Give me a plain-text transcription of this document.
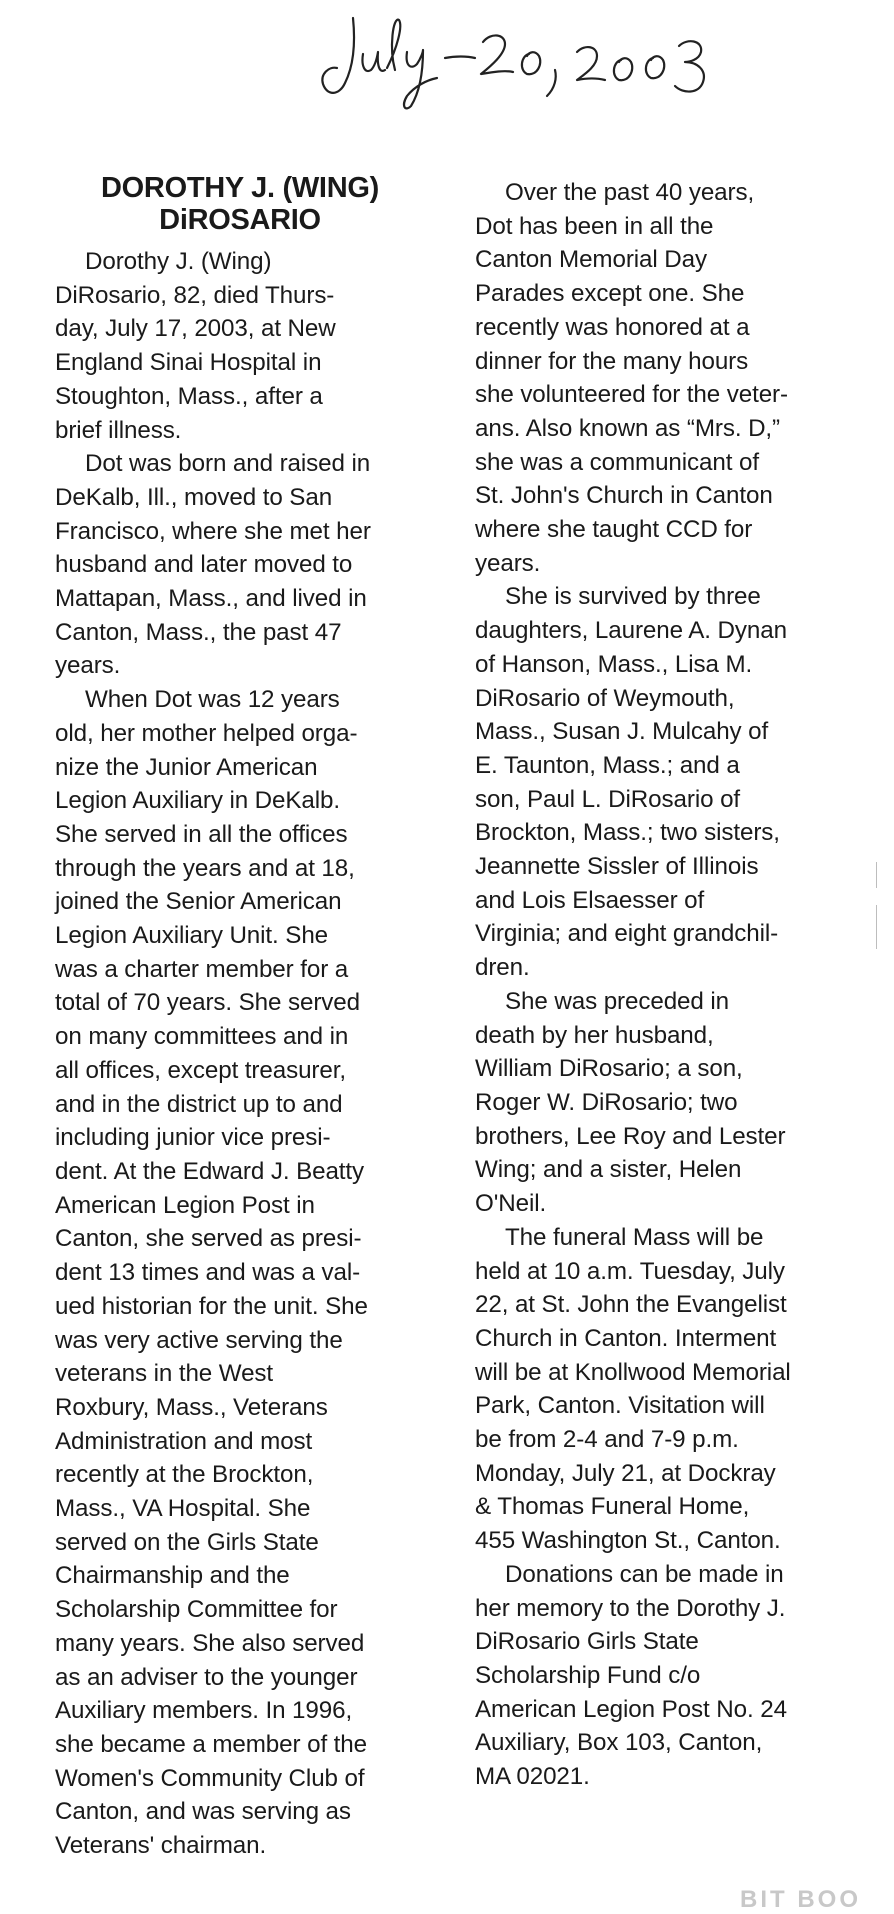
DOROTHY J. (WING)
DiROSARIO

Dorothy J. (Wing)
DiRosario, 82, died Thurs-
day, July 17, 2003, at New
England Sinai Hospital in
Stoughton, Mass., after a
brief illness.

Dot was born and raised in
DeKalb, Ill., moved to San
Francisco, where she met her
husband and later moved to
Mattapan, Mass., and lived in
Canton, Mass., the past 47
years.

When Dot was 12 years
old, her mother helped orga-
nize the Junior American
Legion Auxiliary in DeKalb.
She served in all the offices
through the years and at 18,
joined the Senior American
Legion Auxiliary Unit. She
was a charter member for a
total of 70 years. She served
on many committees and in
all offices, except treasurer,
and in the district up to and
including junior vice presi-
dent. At the Edward J. Beatty
American Legion Post in
Canton, she served as presi-
dent 13 times and was a val-
ued historian for the unit. She
was very active serving the
veterans in the West
Roxbury, Mass., Veterans
Administration and most
recently at the Brockton,
Mass., VA Hospital. She
served on the Girls State
Chairmanship and the
Scholarship Committee for
many years. She also served
as an adviser to the younger
Auxiliary members. In 1996,
she became a member of the
Women's Community Club of
Canton, and was serving as
Veterans' chairman.

Over the past 40 years,
Dot has been in all the
Canton Memorial Day
Parades except one. She
recently was honored at a
dinner for the many hours
she volunteered for the veter-
ans. Also known as “Mrs. D,”
she was a communicant of
St. John's Church in Canton
where she taught CCD for
years.

She is survived by three
daughters, Laurene A. Dynan
of Hanson, Mass., Lisa M.
DiRosario of Weymouth,
Mass., Susan J. Mulcahy of
E. Taunton, Mass.; and a
son, Paul L. DiRosario of
Brockton, Mass.; two sisters,
Jeannette Sissler of Illinois
and Lois Elsaesser of
Virginia; and eight grandchil-
dren.

She was preceded in
death by her husband,
William DiRosario; a son,
Roger W. DiRosario; two
brothers, Lee Roy and Lester
Wing; and a sister, Helen
O'Neil.

The funeral Mass will be
held at 10 a.m. Tuesday, July
22, at St. John the Evangelist
Church in Canton. Interment
will be at Knollwood Memorial
Park, Canton. Visitation will
be from 2-4 and 7-9 p.m.
Monday, July 21, at Dockray
& Thomas Funeral Home,
455 Washington St., Canton.

Donations can be made in
her memory to the Dorothy J.
DiRosario Girls State
Scholarship Fund c/o
American Legion Post No. 24
Auxiliary, Box 103, Canton,
MA 02021.

BIT BOO
